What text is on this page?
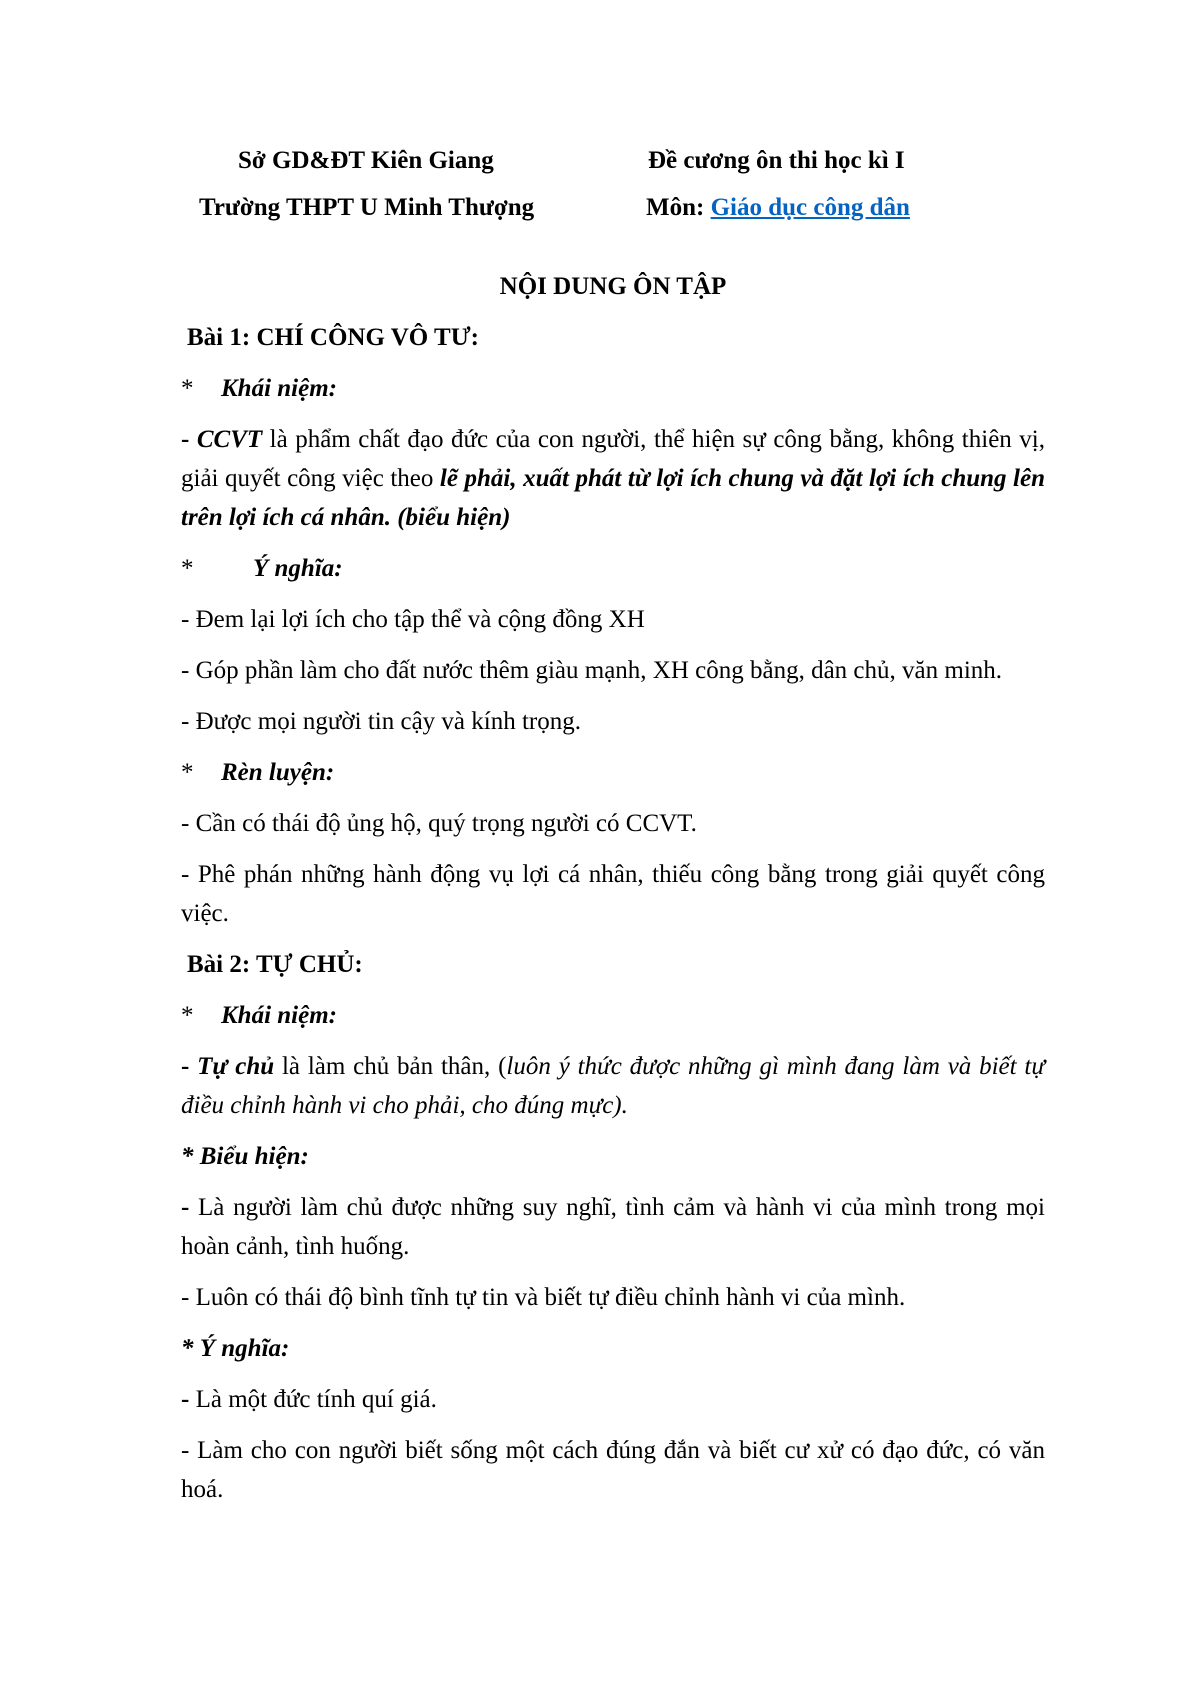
Sở GD&ĐT Kiên Giang
Trường THPT U Minh Thượng
Đề cương ôn thi học kì I
Môn: Giáo dục công dân

NỘI DUNG ÔN TẬP

Bài 1: CHÍ CÔNG VÔ TƯ:

* Khái niệm:

- CCVT là phẩm chất đạo đức của con người, thể hiện sự công bằng, không thiên vị, giải quyết công việc theo lẽ phải, xuất phát từ lợi ích chung và đặt lợi ích chung lên trên lợi ích cá nhân. (biểu hiện)

* Ý nghĩa:

- Đem lại lợi ích cho tập thể và cộng đồng XH

- Góp phần làm cho đất nước thêm giàu mạnh, XH công bằng, dân chủ, văn minh.

- Được mọi người tin cậy và kính trọng.

* Rèn luyện:

- Cần có thái độ ủng hộ, quý trọng người có CCVT.

- Phê phán những hành động vụ lợi cá nhân, thiếu công bằng trong giải quyết công việc.

Bài 2: TỰ CHỦ:

* Khái niệm:

- Tự chủ là làm chủ bản thân, (luôn ý thức được những gì mình đang làm và biết tự điều chỉnh hành vi cho phải, cho đúng mực).

* Biểu hiện:

- Là người làm chủ được những suy nghĩ, tình cảm và hành vi của mình trong mọi hoàn cảnh, tình huống.

- Luôn có thái độ bình tĩnh tự tin và biết tự điều chỉnh hành vi của mình.

* Ý nghĩa:

- Là một đức tính quí giá.

- Làm cho con người biết sống một cách đúng đắn và biết cư xử có đạo đức, có văn hoá.
